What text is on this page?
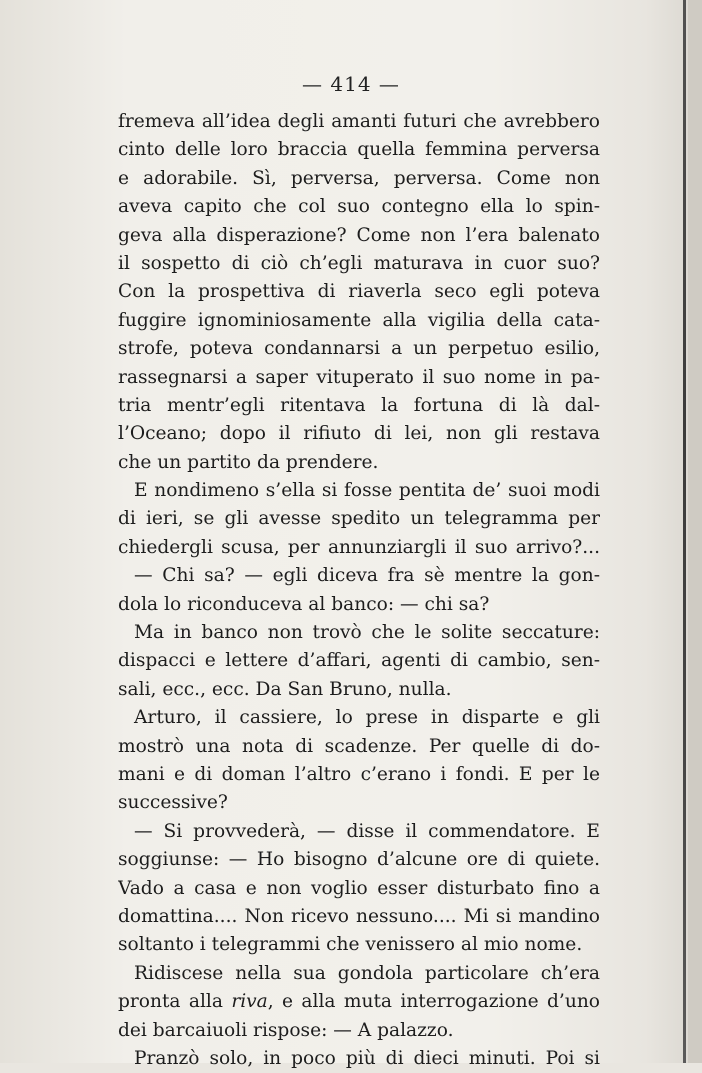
— 414 —
fremeva all’idea degli amanti futuri che avrebbero
cinto delle loro braccia quella femmina perversa
e adorabile. Sì, perversa, perversa. Come non
aveva capito che col suo contegno ella lo spin-
geva alla disperazione? Come non l’era balenato
il sospetto di ciò ch’egli maturava in cuor suo?
Con la prospettiva di riaverla seco egli poteva
fuggire ignominiosamente alla vigilia della cata-
strofe, poteva condannarsi a un perpetuo esilio,
rassegnarsi a saper vituperato il suo nome in pa-
tria mentr’egli ritentava la fortuna di là dal-
l’Oceano; dopo il rifiuto di lei, non gli restava
che un partito da prendere.
E nondimeno s’ella si fosse pentita de’ suoi modi
di ieri, se gli avesse spedito un telegramma per
chiedergli scusa, per annunziargli il suo arrivo?...
— Chi sa? — egli diceva fra sè mentre la gon-
dola lo riconduceva al banco: — chi sa?
Ma in banco non trovò che le solite seccature:
dispacci e lettere d’affari, agenti di cambio, sen-
sali, ecc., ecc. Da San Bruno, nulla.
Arturo, il cassiere, lo prese in disparte e gli
mostrò una nota di scadenze. Per quelle di do-
mani e di doman l’altro c’erano i fondi. E per le
successive?
— Si provvederà, — disse il commendatore. E
soggiunse: — Ho bisogno d’alcune ore di quiete.
Vado a casa e non voglio esser disturbato fino a
domattina.... Non ricevo nessuno.... Mi si mandino
soltanto i telegrammi che venissero al mio nome.
Ridiscese nella sua gondola particolare ch’era
pronta alla riva, e alla muta interrogazione d’uno
dei barcaiuoli rispose: — A palazzo.
Pranzò solo, in poco più di dieci minuti. Poi si
